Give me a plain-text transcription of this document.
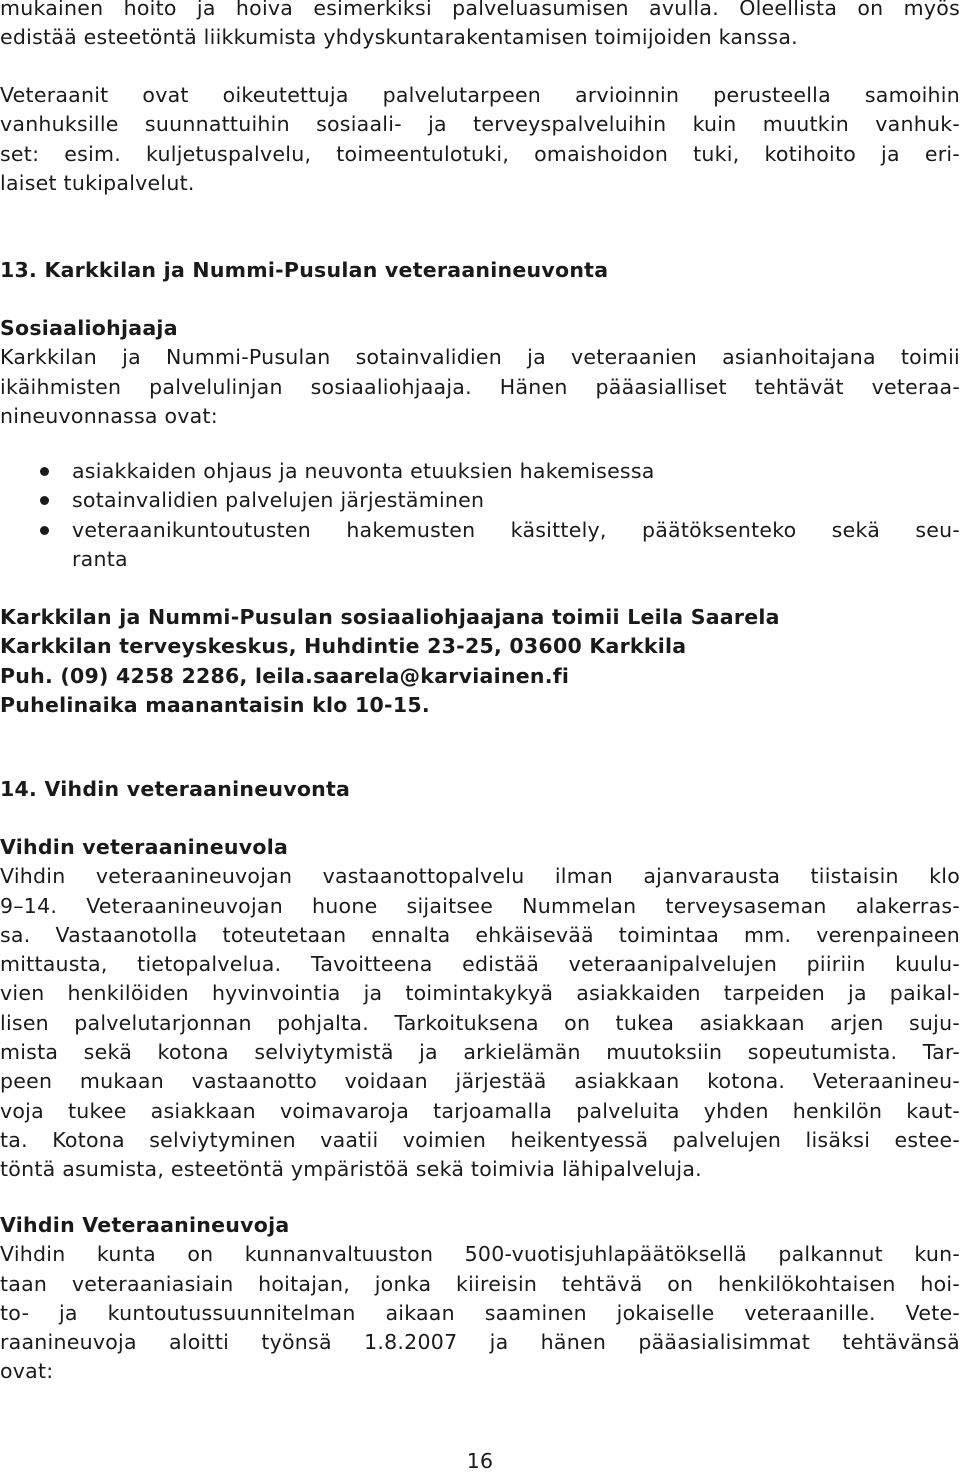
mukainen hoito ja hoiva esimerkiksi palveluasumisen avulla. Oleellista on myös
edistää esteetöntä liikkumista yhdyskuntarakentamisen toimijoiden kanssa.
Veteraanit ovat oikeutettuja palvelutarpeen arvioinnin perusteella samoihin
vanhuksille suunnattuihin sosiaali- ja terveyspalveluihin kuin muutkin vanhuk-
set: esim. kuljetuspalvelu, toimeentulotuki, omaishoidon tuki, kotihoito ja eri-
laiset tukipalvelut.
13. Karkkilan ja Nummi-Pusulan veteraanineuvonta
Sosiaaliohjaaja
Karkkilan ja Nummi-Pusulan sotainvalidien ja veteraanien asianhoitajana toimii
ikäihmisten palvelulinjan sosiaaliohjaaja. Hänen pääasialliset tehtävät veteraa-
nineuvonnassa ovat:
asiakkaiden ohjaus ja neuvonta etuuksien hakemisessa
sotainvalidien palvelujen järjestäminen
veteraanikuntoutusten hakemusten käsittely, päätöksenteko sekä seu-
ranta
Karkkilan ja Nummi-Pusulan sosiaaliohjaajana toimii Leila Saarela
Karkkilan terveyskeskus, Huhdintie 23-25, 03600 Karkkila
Puh. (09) 4258 2286, leila.saarela@karviainen.fi
Puhelinaika maanantaisin klo 10-15.
14. Vihdin veteraanineuvonta
Vihdin veteraanineuvola
Vihdin veteraanineuvojan vastaanottopalvelu ilman ajanvarausta tiistaisin klo
9–14. Veteraanineuvojan huone sijaitsee Nummelan terveysaseman alakerras-
sa. Vastaanotolla toteutetaan ennalta ehkäisevää toimintaa mm. verenpaineen
mittausta, tietopalvelua. Tavoitteena edistää veteraanipalvelujen piiriin kuulu-
vien henkilöiden hyvinvointia ja toimintakykyä asiakkaiden tarpeiden ja paikal-
lisen palvelutarjonnan pohjalta. Tarkoituksena on tukea asiakkaan arjen suju-
mista sekä kotona selviytymistä ja arkielämän muutoksiin sopeutumista. Tar-
peen mukaan vastaanotto voidaan järjestää asiakkaan kotona. Veteraanineu-
voja tukee asiakkaan voimavaroja tarjoamalla palveluita yhden henkilön kaut-
ta. Kotona selviytyminen vaatii voimien heikentyessä palvelujen lisäksi estee-
töntä asumista, esteetöntä ympäristöä sekä toimivia lähipalveluja.
Vihdin Veteraanineuvoja
Vihdin kunta on kunnanvaltuuston 500-vuotisjuhlapäätöksellä palkannut kun-
taan veteraaniasiain hoitajan, jonka kiireisin tehtävä on henkilökohtaisen hoi-
to- ja kuntoutussuunnitelman aikaan saaminen jokaiselle veteraanille. Vete-
raanineuvoja aloitti työnsä 1.8.2007 ja hänen pääasialisimmat tehtävänsä
ovat:
16
